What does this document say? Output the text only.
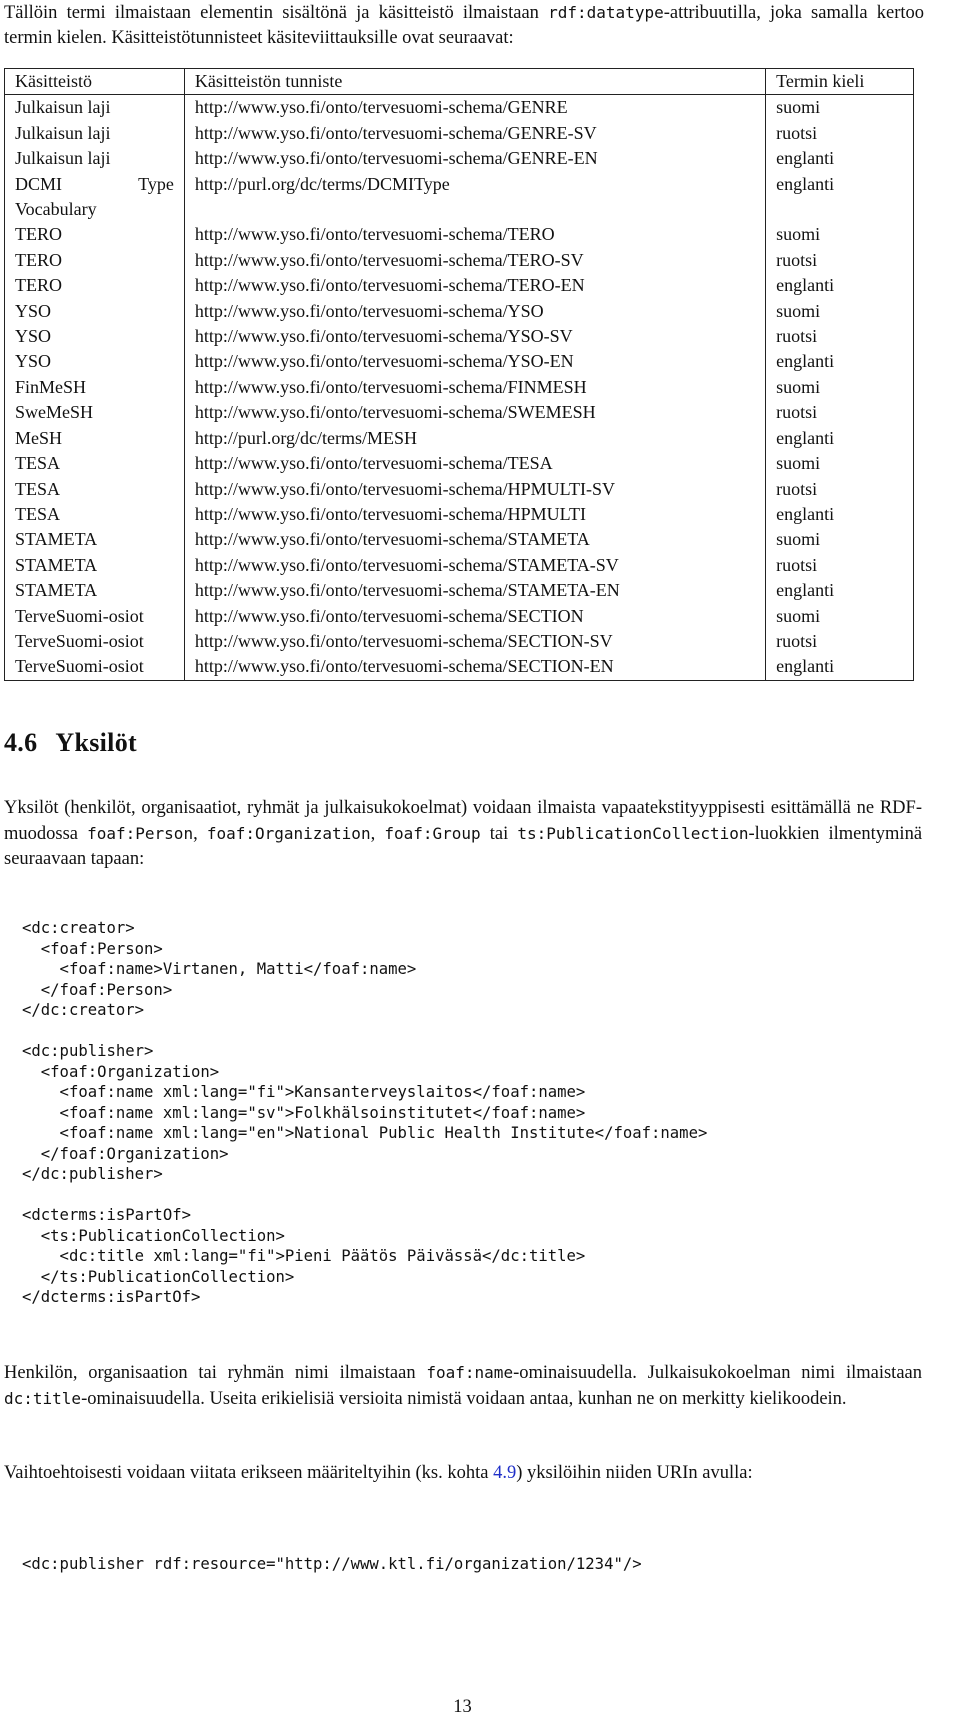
Tällöin termi ilmaistaan elementin sisältönä ja käsitteistö ilmaistaan rdf:datatype-attribuutilla, joka samalla kertoo termin kielen. Käsitteistötunnisteet käsiteviittauksille ovat seuraavat:

Käsitteistö	Käsitteistön tunniste	Termin kieli
Julkaisun laji	http://www.yso.fi/onto/tervesuomi-schema/GENRE	suomi
Julkaisun laji	http://www.yso.fi/onto/tervesuomi-schema/GENRE-SV	ruotsi
Julkaisun laji	http://www.yso.fi/onto/tervesuomi-schema/GENRE-EN	englanti

DCMI Type
Vocabulary	http://purl.org/dc/terms/DCMIType	englanti
TERO	http://www.yso.fi/onto/tervesuomi-schema/TERO	suomi
TERO	http://www.yso.fi/onto/tervesuomi-schema/TERO-SV	ruotsi
TERO	http://www.yso.fi/onto/tervesuomi-schema/TERO-EN	englanti
YSO	http://www.yso.fi/onto/tervesuomi-schema/YSO	suomi
YSO	http://www.yso.fi/onto/tervesuomi-schema/YSO-SV	ruotsi
YSO	http://www.yso.fi/onto/tervesuomi-schema/YSO-EN	englanti
FinMeSH	http://www.yso.fi/onto/tervesuomi-schema/FINMESH	suomi
SweMeSH	http://www.yso.fi/onto/tervesuomi-schema/SWEMESH	ruotsi
MeSH	http://purl.org/dc/terms/MESH	englanti
TESA	http://www.yso.fi/onto/tervesuomi-schema/TESA	suomi
TESA	http://www.yso.fi/onto/tervesuomi-schema/HPMULTI-SV	ruotsi
TESA	http://www.yso.fi/onto/tervesuomi-schema/HPMULTI	englanti
STAMETA	http://www.yso.fi/onto/tervesuomi-schema/STAMETA	suomi
STAMETA	http://www.yso.fi/onto/tervesuomi-schema/STAMETA-SV	ruotsi
STAMETA	http://www.yso.fi/onto/tervesuomi-schema/STAMETA-EN	englanti
TerveSuomi-osiot	http://www.yso.fi/onto/tervesuomi-schema/SECTION	suomi
TerveSuomi-osiot	http://www.yso.fi/onto/tervesuomi-schema/SECTION-SV	ruotsi
TerveSuomi-osiot	http://www.yso.fi/onto/tervesuomi-schema/SECTION-EN	englanti
4.6 Yksilöt

Yksilöt (henkilöt, organisaatiot, ryhmät ja julkaisukokoelmat) voidaan ilmaista vapaatekstityyppisesti esittämällä ne RDF-muodossa foaf:Person, foaf:Organization, foaf:Group tai ts:PublicationCollection-luokkien ilmentyminä seuraavaan tapaan:

<dc:creator>
<foaf:Person>
<foaf:name>Virtanen, Matti</foaf:name>
</foaf:Person>
</dc:creator>

<dc:publisher>
<foaf:Organization>
<foaf:name xml:lang="fi">Kansanterveyslaitos</foaf:name>
<foaf:name xml:lang="sv">Folkhälsoinstitutet</foaf:name>
<foaf:name xml:lang="en">National Public Health Institute</foaf:name>
</foaf:Organization>
</dc:publisher>

<dcterms:isPartOf>
<ts:PublicationCollection>
<dc:title xml:lang="fi">Pieni Päätös Päivässä</dc:title>
</ts:PublicationCollection>
</dcterms:isPartOf>

Henkilön, organisaation tai ryhmän nimi ilmaistaan foaf:name-ominaisuudella. Julkaisukokoelman nimi ilmaistaan dc:title-ominaisuudella. Useita erikielisiä versioita nimistä voidaan antaa, kunhan ne on merkitty kielikoodein.

Vaihtoehtoisesti voidaan viitata erikseen määriteltyihin (ks. kohta 4.9) yksilöihin niiden URIn avulla:

<dc:publisher rdf:resource="http://www.ktl.fi/organization/1234"/>
13
